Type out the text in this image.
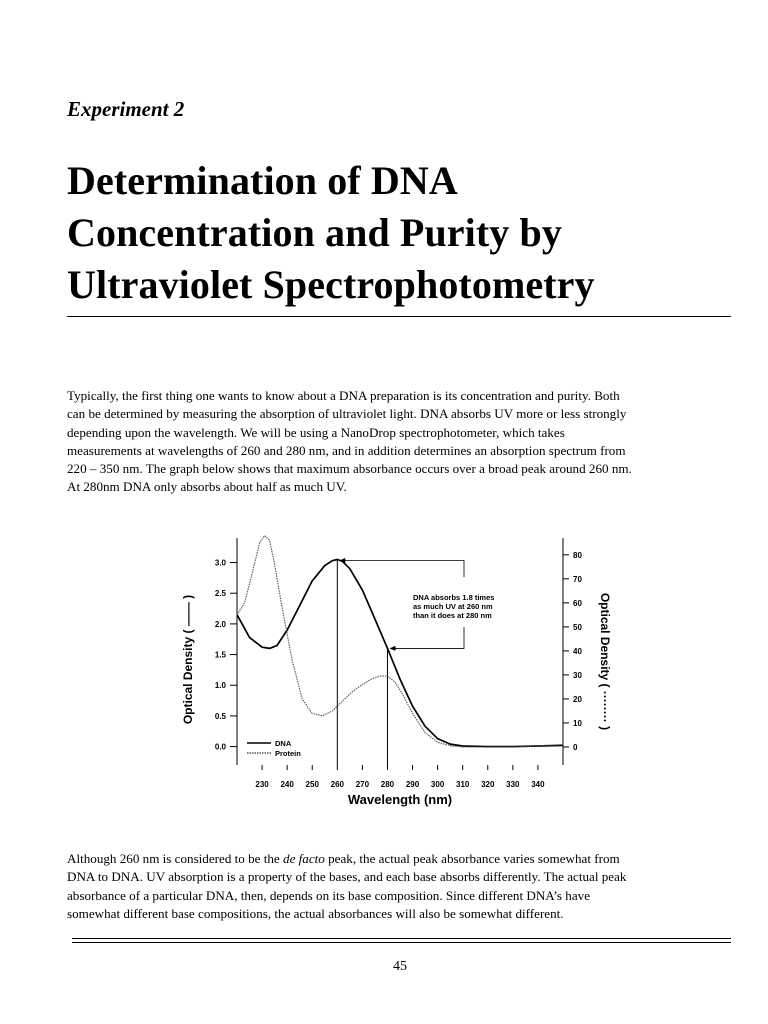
Experiment 2
Determination of DNA
Concentration and Purity by
Ultraviolet Spectrophotometry

Typically, the first thing one wants to know about a DNA preparation is its concentration and purity. Both
can be determined by measuring the absorption of ultraviolet light. DNA absorbs UV more or less strongly
depending upon the wavelength. We will be using a NanoDrop spectrophotometer, which takes
measurements at wavelengths of 260 and 280 nm, and in addition determines an absorption spectrum from
220 – 350 nm. The graph below shows that maximum absorbance occurs over a broad peak around 260 nm.
At 280nm DNA only absorbs about half as much UV.

0.0
0.5
1.0
1.5
2.0
2.5
3.0
0
10
20
30
40
50
60
70
80
230 240 250 260 270 280 290 300 310 320 330 340
Wavelength (nm)
Optical Density ( —— )	Optical Density ( ········ )
DNA absorbs 1.8 times
as much UV at 260 nm
than it does at 280 nm
DNA
Protein

Although 260 nm is considered to be the de facto peak, the actual peak absorbance varies somewhat from
DNA to DNA. UV absorption is a property of the bases, and each base absorbs differently. The actual peak
absorbance of a particular DNA, then, depends on its base composition. Since different DNA’s have
somewhat different base compositions, the actual absorbances will also be somewhat different.

45
